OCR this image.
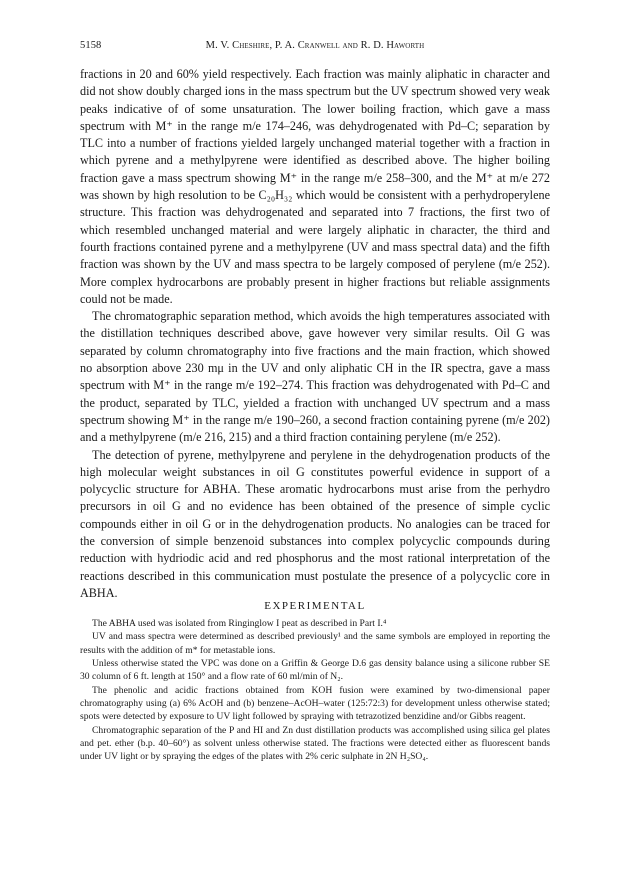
5158	M. V. Cheshire, P. A. Cranwell and R. D. Haworth

fractions in 20 and 60% yield respectively. Each fraction was mainly aliphatic in character and did not show doubly charged ions in the mass spectrum but the UV spectrum showed very weak peaks indicative of of some unsaturation. The lower boiling fraction, which gave a mass spectrum with M⁺ in the range m/e 174–246, was dehydrogenated with Pd–C; separation by TLC into a number of fractions yielded largely unchanged material together with a fraction in which pyrene and a methylpyrene were identified as described above. The higher boiling fraction gave a mass spectrum showing M⁺ in the range m/e 258–300, and the M⁺ at m/e 272 was shown by high resolution to be C₂₀H₃₂ which would be consistent with a perhydroperylene structure. This fraction was dehydrogenated and separated into 7 fractions, the first two of which resembled unchanged material and were largely aliphatic in character, the third and fourth fractions contained pyrene and a methylpyrene (UV and mass spectral data) and the fifth fraction was shown by the UV and mass spectra to be largely composed of perylene (m/e 252). More complex hydrocarbons are probably present in higher fractions but reliable assignments could not be made.

The chromatographic separation method, which avoids the high temperatures associated with the distillation techniques described above, gave however very similar results. Oil G was separated by column chromatography into five fractions and the main fraction, which showed no absorption above 230 mμ in the UV and only aliphatic CH in the IR spectra, gave a mass spectrum with M⁺ in the range m/e 192–274. This fraction was dehydrogenated with Pd–C and the product, separated by TLC, yielded a fraction with unchanged UV spectrum and a mass spectrum showing M⁺ in the range m/e 190–260, a second fraction containing pyrene (m/e 202) and a methylpyrene (m/e 216, 215) and a third fraction containing perylene (m/e 252).

The detection of pyrene, methylpyrene and perylene in the dehydrogenation products of the high molecular weight substances in oil G constitutes powerful evidence in support of a polycyclic structure for ABHA. These aromatic hydrocarbons must arise from the perhydro precursors in oil G and no evidence has been obtained of the presence of simple cyclic compounds either in oil G or in the dehydrogenation products. No analogies can be traced for the conversion of simple benzenoid substances into complex polycyclic compounds during reduction with hydriodic acid and red phosphorus and the most rational interpretation of the reactions described in this communication must postulate the presence of a polycyclic core in ABHA.

EXPERIMENTAL

The ABHA used was isolated from Ringinglow I peat as described in Part I.⁴

UV and mass spectra were determined as described previously¹ and the same symbols are employed in reporting the results with the addition of m* for metastable ions.

Unless otherwise stated the VPC was done on a Griffin & George D.6 gas density balance using a silicone rubber SE 30 column of 6 ft. length at 150° and a flow rate of 60 ml/min of N₂.

The phenolic and acidic fractions obtained from KOH fusion were examined by two-dimensional paper chromatography using (a) 6% AcOH and (b) benzene–AcOH–water (125:72:3) for development unless otherwise stated; spots were detected by exposure to UV light followed by spraying with tetrazotized benzidine and/or Gibbs reagent.

Chromatographic separation of the P and HI and Zn dust distillation products was accomplished using silica gel plates and pet. ether (b.p. 40–60°) as solvent unless otherwise stated. The fractions were detected either as fluorescent bands under UV light or by spraying the edges of the plates with 2% ceric sulphate in 2N H₂SO₄.
